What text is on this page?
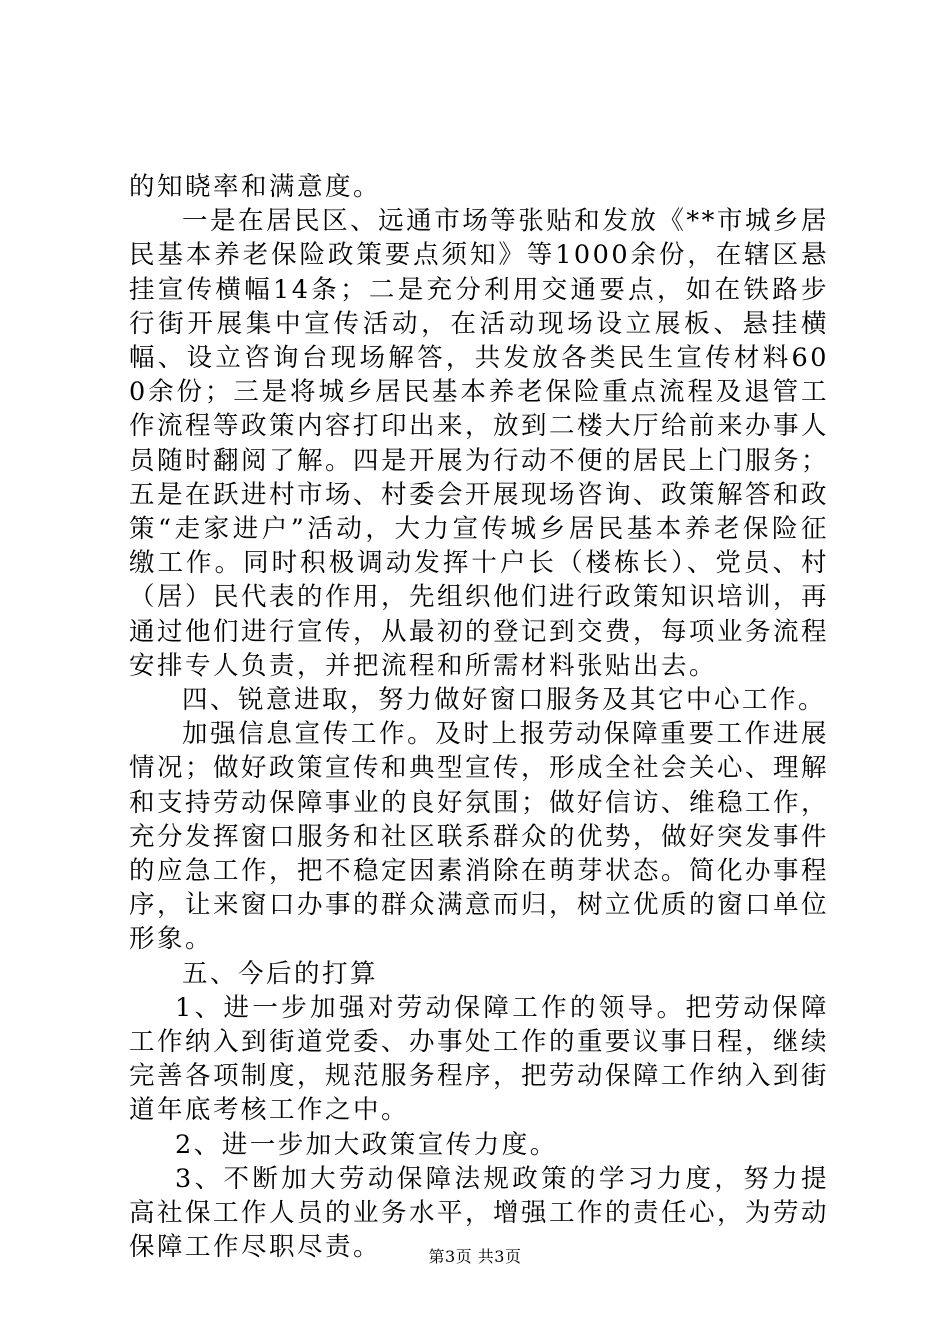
的知晓率和满意度。

一是在居民区、远通市场等张贴和发放《**市城乡居民基本养老保险政策要点须知》等1000余份，在辖区悬挂宣传横幅14条；二是充分利用交通要点，如在铁路步行街开展集中宣传活动，在活动现场设立展板、悬挂横幅、设立咨询台现场解答，共发放各类民生宣传材料600余份；三是将城乡居民基本养老保险重点流程及退管工作流程等政策内容打印出来，放到二楼大厅给前来办事人员随时翻阅了解。四是开展为行动不便的居民上门服务；五是在跃进村市场、村委会开展现场咨询、政策解答和政策“走家进户”活动，大力宣传城乡居民基本养老保险征缴工作。同时积极调动发挥十户长（楼栋长）、党员、村（居）民代表的作用，先组织他们进行政策知识培训，再通过他们进行宣传，从最初的登记到交费，每项业务流程安排专人负责，并把流程和所需材料张贴出去。

四、锐意进取，努力做好窗口服务及其它中心工作。

加强信息宣传工作。及时上报劳动保障重要工作进展情况；做好政策宣传和典型宣传，形成全社会关心、理解和支持劳动保障事业的良好氛围；做好信访、维稳工作，充分发挥窗口服务和社区联系群众的优势，做好突发事件的应急工作，把不稳定因素消除在萌芽状态。简化办事程序，让来窗口办事的群众满意而归，树立优质的窗口单位形象。

五、今后的打算

1、进一步加强对劳动保障工作的领导。把劳动保障工作纳入到街道党委、办事处工作的重要议事日程，继续完善各项制度，规范服务程序，把劳动保障工作纳入到街道年底考核工作之中。

2、进一步加大政策宣传力度。

3、不断加大劳动保障法规政策的学习力度，努力提高社保工作人员的业务水平，增强工作的责任心，为劳动保障工作尽职尽责。	第3页 共3页
